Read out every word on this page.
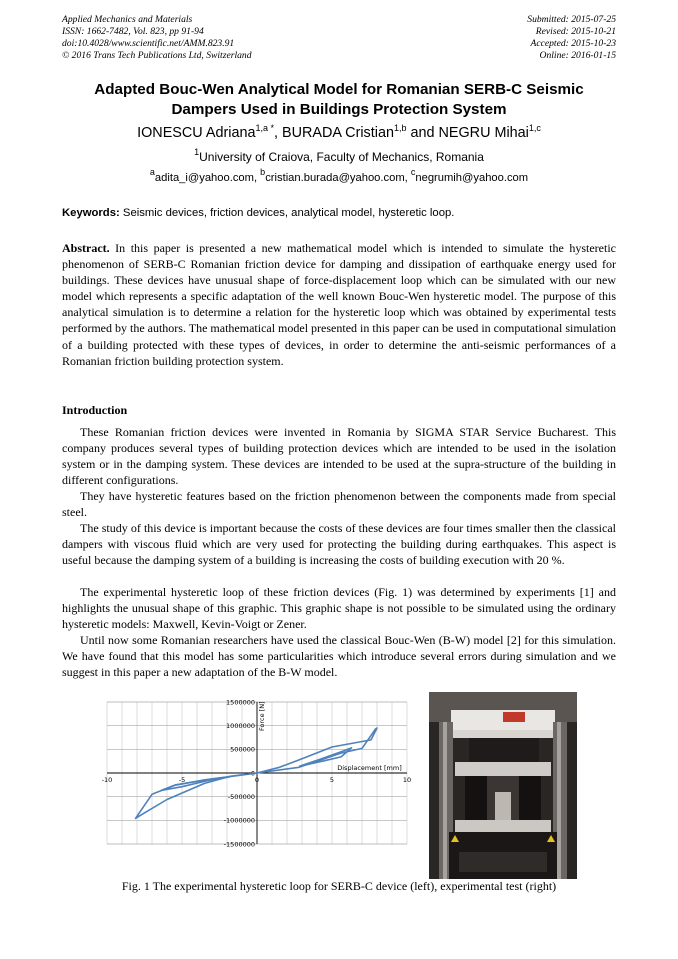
Applied Mechanics and Materials	Submitted: 2015-07-25
ISSN: 1662-7482, Vol. 823, pp 91-94	Revised: 2015-10-21
doi:10.4028/www.scientific.net/AMM.823.91	Accepted: 2015-10-23
© 2016 Trans Tech Publications Ltd, Switzerland	Online: 2016-01-15
Adapted Bouc-Wen Analytical Model for Romanian SERB-C Seismic
Dampers Used in Buildings Protection System
IONESCU Adriana$^{1,a *}$, BURADA Cristian$^{1,b}$ and NEGRU Mihai$^{1,c}$
$^1$University of Craiova, Faculty of Mechanics, Romania
$^a$adita_i@yahoo.com, $^b$cristian.burada@yahoo.com, $^c$negrumih@yahoo.com
Keywords: Seismic devices, friction devices, analytical model, hysteretic loop.
Abstract. In this paper is presented a new mathematical model which is intended to simulate the hysteretic phenomenon of SERB-C Romanian friction device for damping and dissipation of earthquake energy used for buildings. These devices have unusual shape of force-displacement loop which can be simulated with our new model which represents a specific adaptation of the well known Bouc-Wen hysteretic model. The purpose of this analytical simulation is to determine a relation for the hysteretic loop which was obtained by experimental tests performed by the authors. The mathematical model presented in this paper can be used in computational simulation of a building protected with these types of devices, in order to determine the anti-seismic performances of a Romanian friction building protection system.
Introduction
These Romanian friction devices were invented in Romania by SIGMA STAR Service Bucharest. This company produces several types of building protection devices which are intended to be used in the isolation system or in the damping system. These devices are intended to be used at the supra-structure of the building in different configurations.
They have hysteretic features based on the friction phenomenon between the components made from special steel.
The study of this device is important because the costs of these devices are four times smaller then the classical dampers with viscous fluid which are very used for protecting the building during earthquakes. This aspect is useful because the damping system of a building is increasing the costs of building execution with 20 %.
The experimental hysteretic loop of these friction devices (Fig. 1) was determined by experiments [1] and highlights the unusual shape of this graphic. This graphic shape is not possible to be simulated using the ordinary hysteretic models: Maxwell, Kevin-Voigt or Zener.
Until now some Romanian researchers have used the classical Bouc-Wen (B-W) model [2] for this simulation. We have found that this model has some particularities which introduce several errors during simulation and we suggest in this paper a new adaptation of the B-W model.
-10	-5	0	5	10
1500000
1000000
500000
0
-500000
-1000000
-1500000
Displacement [mm]
Force [N]
Fig. 1 The experimental hysteretic loop for SERB-C device (left), experimental test (right)
